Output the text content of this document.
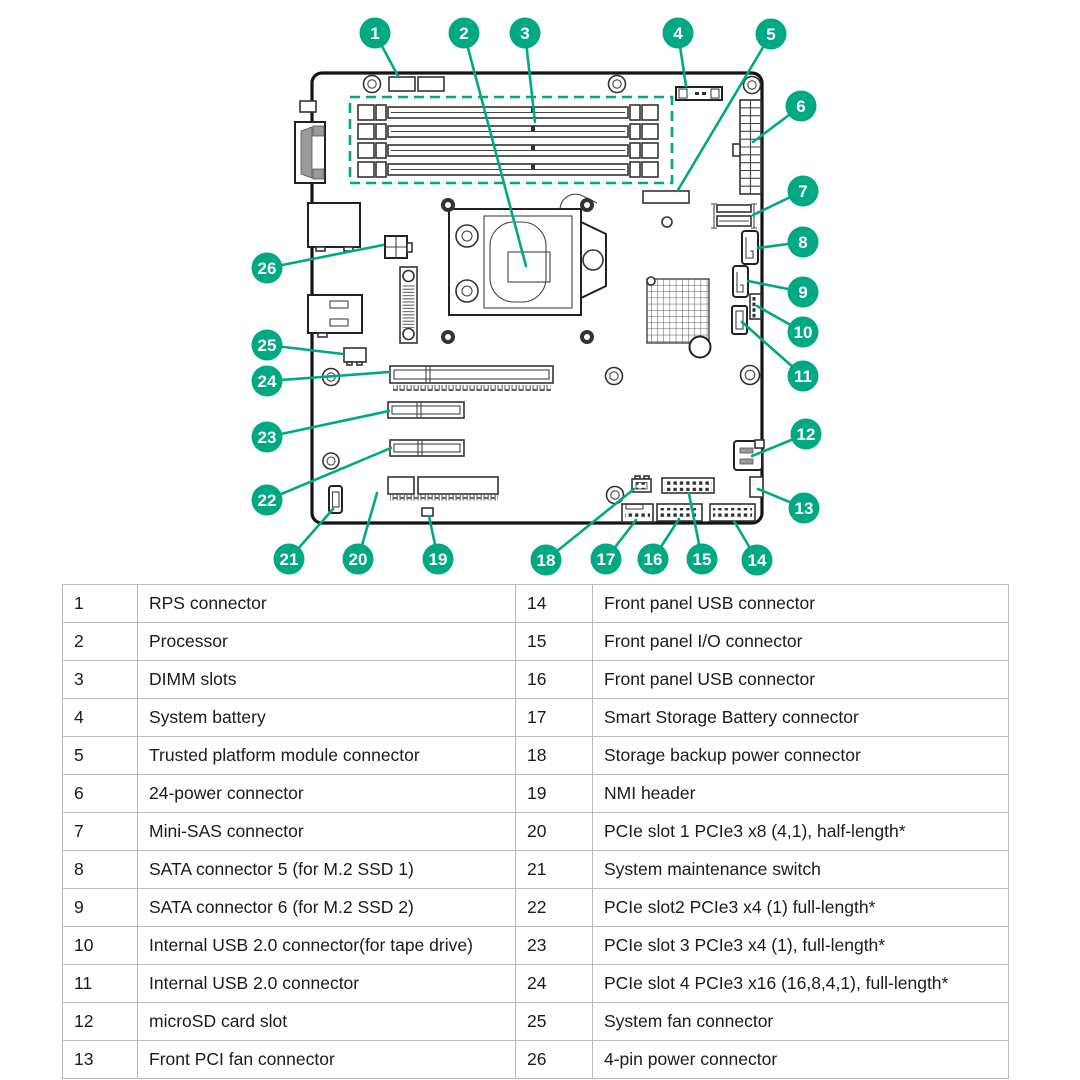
1	2	3	4	5
6
7
8
9
10
11
12
13
14
15
16
17
18
19
20
21
22
23
24
25
26
1	RPS connector	14	Front panel USB connector
2	Processor	15	Front panel I/O connector
3	DIMM slots	16	Front panel USB connector
4	System battery	17	Smart Storage Battery connector
5	Trusted platform module connector	18	Storage backup power connector
6	24-power connector	19	NMI header
7	Mini-SAS connector	20	PCIe slot 1 PCIe3 x8 (4,1), half-length*
8	SATA connector 5 (for M.2 SSD 1)	21	System maintenance switch
9	SATA connector 6 (for M.2 SSD 2)	22	PCIe slot2 PCIe3 x4 (1) full-length*
10	Internal USB 2.0 connector(for tape drive)	23	PCIe slot 3 PCIe3 x4 (1), full-length*
11	Internal USB 2.0 connector	24	PCIe slot 4 PCIe3 x16 (16,8,4,1), full-length*
12	microSD card slot	25	System fan connector
13	Front PCI fan connector	26	4-pin power connector
